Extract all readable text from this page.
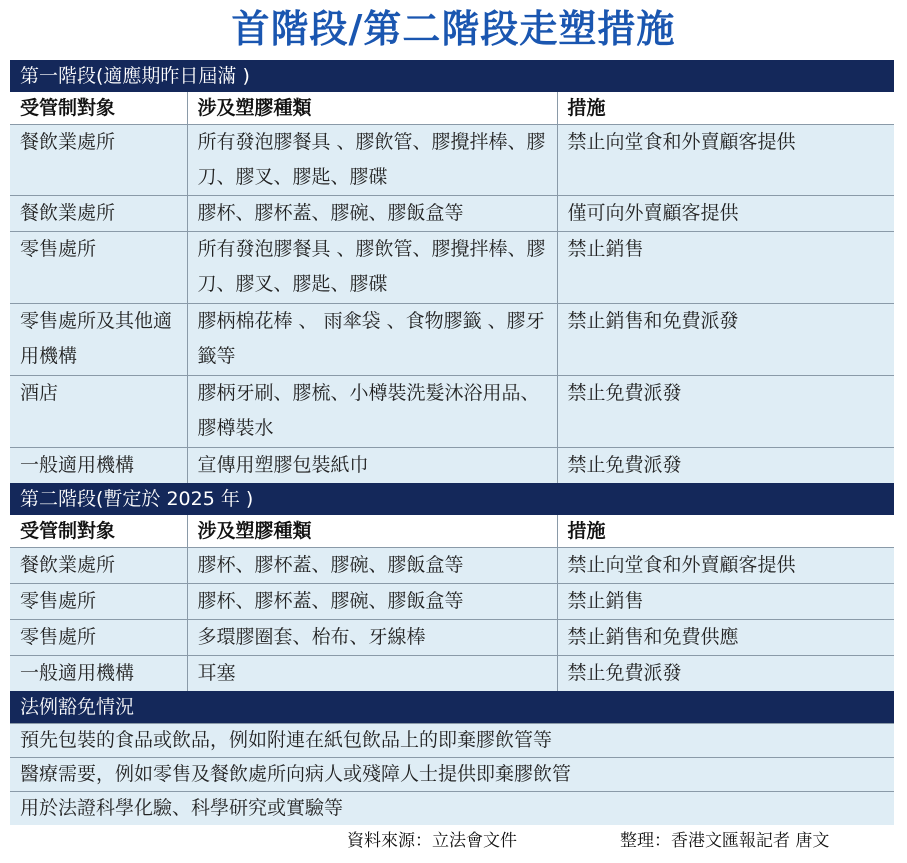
首階段/第二階段走塑措施
第一階段(適應期昨日屆滿 )		
受管制對象	涉及塑膠種類	措施
餐飲業處所	所有發泡膠餐具 、膠飲管、膠攪拌棒、膠刀、膠叉、膠匙、膠碟	禁止向堂食和外賣顧客提供
餐飲業處所	膠杯、膠杯蓋、膠碗、膠飯盒等	僅可向外賣顧客提供
零售處所	所有發泡膠餐具 、膠飲管、膠攪拌棒、膠刀、膠叉、膠匙、膠碟	禁止銷售
零售處所及其他適用機構	膠柄棉花棒 、 雨傘袋 、食物膠籤 、膠牙籤等	禁止銷售和免費派發
酒店	膠柄牙刷、膠梳、小樽裝洗髮沐浴用品、膠樽裝水	禁止免費派發
一般適用機構	宣傳用塑膠包裝紙巾	禁止免費派發
第二階段(暫定於 2025 年 )		
受管制對象	涉及塑膠種類	措施
餐飲業處所	膠杯、膠杯蓋、膠碗、膠飯盒等	禁止向堂食和外賣顧客提供
零售處所	膠杯、膠杯蓋、膠碗、膠飯盒等	禁止銷售
零售處所	多環膠圈套、枱布、牙線棒	禁止銷售和免費供應
一般適用機構	耳塞	禁止免費派發
法例豁免情況		
預先包裝的食品或飲品，例如附連在紙包飲品上的即棄膠飲管等		
醫療需要，例如零售及餐飲處所向病人或殘障人士提供即棄膠飲管		
用於法證科學化驗、科學研究或實驗等		
資料來源：立法會文件	整理：香港文匯報記者 唐文
